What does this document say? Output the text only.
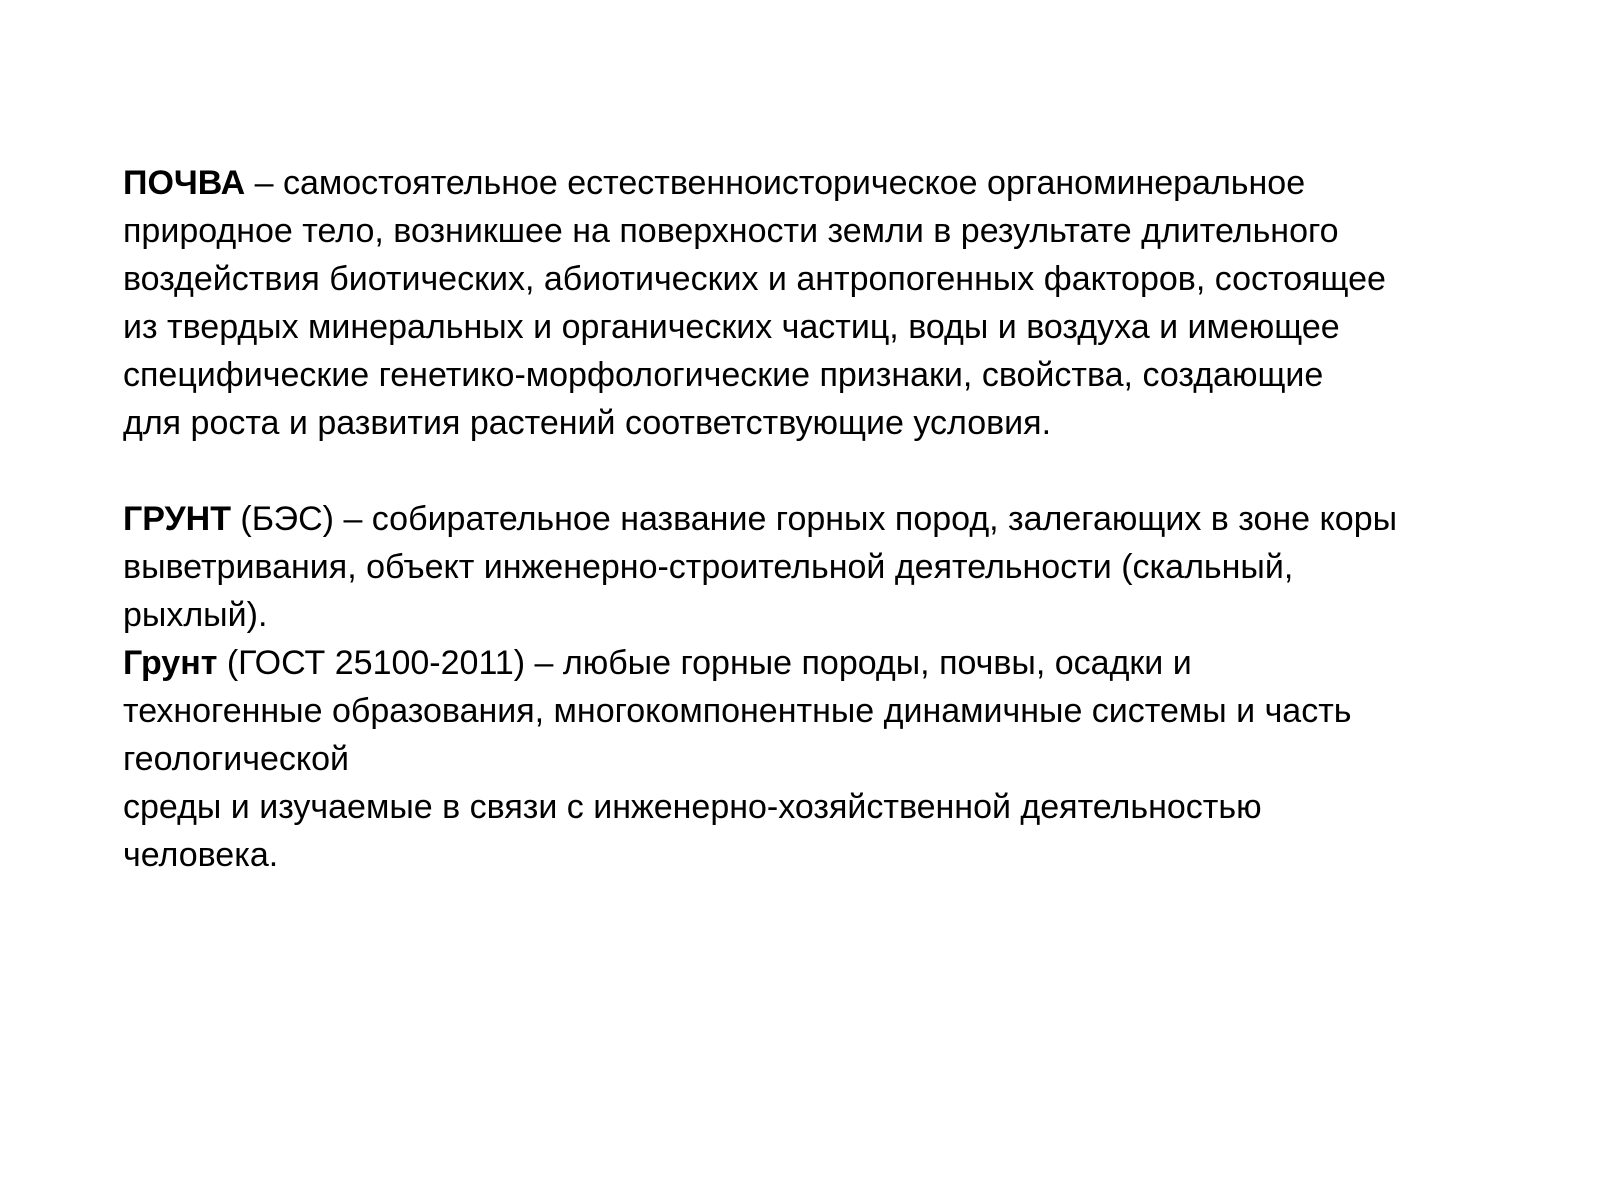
ПОЧВА – самостоятельное естественноисторическое органоминеральное
природное тело, возникшее на поверхности земли в результате длительного
воздействия биотических, абиотических и антропогенных факторов, состоящее
из твердых минеральных и органических частиц, воды и воздуха и имеющее
специфические генетико-морфологические признаки, свойства, создающие
для роста и развития растений соответствующие условия.
ГРУНТ (БЭС) – собирательное название горных пород, залегающих в зоне коры
выветривания, объект инженерно-строительной деятельности (скальный,
рыхлый).
Грунт (ГОСТ 25100-2011) – любые горные породы, почвы, осадки и
техногенные образования, многокомпонентные динамичные системы и часть
геологической
среды и изучаемые в связи с инженерно-хозяйственной деятельностью
человека.
